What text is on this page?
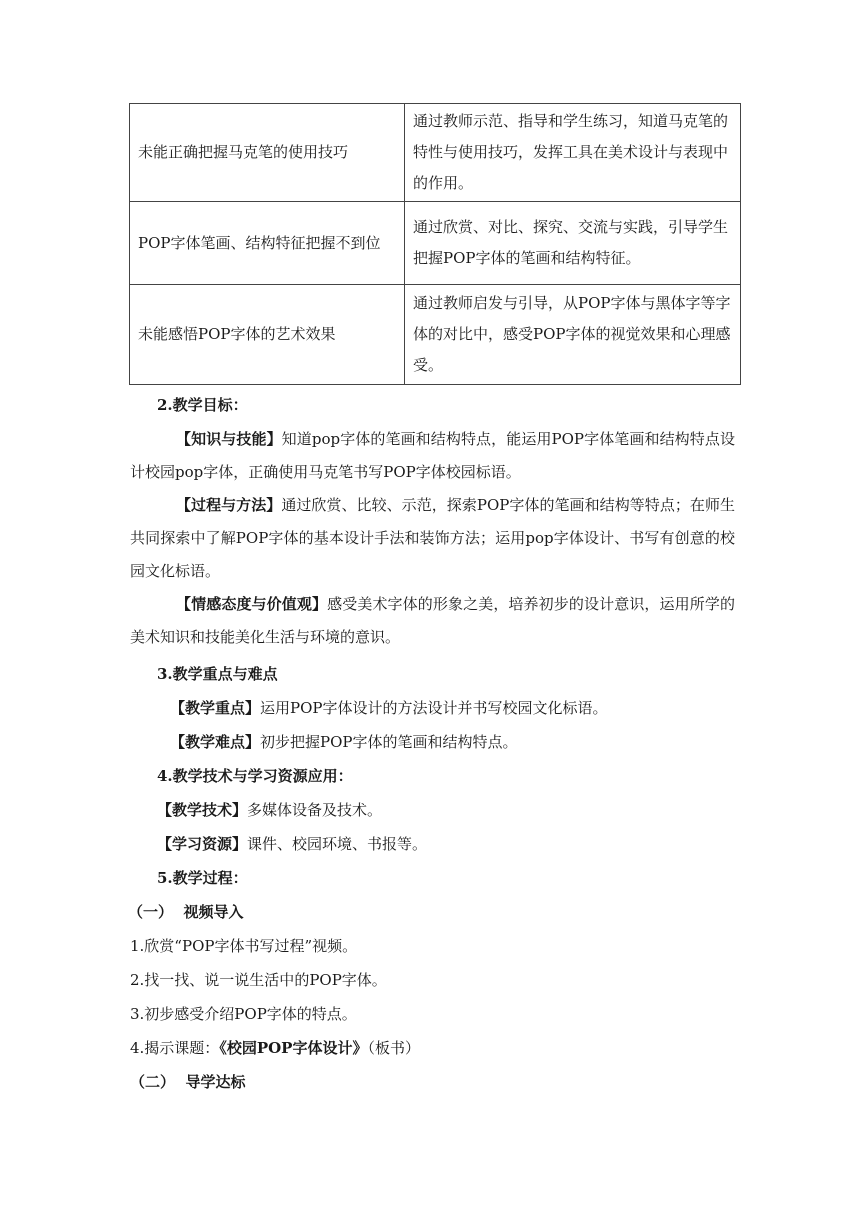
未能正确把握马克笔的使用技巧	通过教师示范、指导和学生练习，知道马克笔的特性与使用技巧，发挥工具在美术设计与表现中的作用。
POP字体笔画、结构特征把握不到位	通过欣赏、对比、探究、交流与实践，引导学生把握POP字体的笔画和结构特征。
未能感悟POP字体的艺术效果	通过教师启发与引导，从POP字体与黑体字等字体的对比中，感受POP字体的视觉效果和心理感受。
2.教学目标：
【知识与技能】知道pop字体的笔画和结构特点，能运用POP字体笔画和结构特点设计校园pop字体，正确使用马克笔书写POP字体校园标语。
【过程与方法】通过欣赏、比较、示范，探索POP字体的笔画和结构等特点；在师生共同探索中了解POP字体的基本设计手法和装饰方法；运用pop字体设计、书写有创意的校园文化标语。
【情感态度与价值观】感受美术字体的形象之美，培养初步的设计意识，运用所学的美术知识和技能美化生活与环境的意识。
3.教学重点与难点
【教学重点】运用POP字体设计的方法设计并书写校园文化标语。
【教学难点】初步把握POP字体的笔画和结构特点。
4.教学技术与学习资源应用：
【教学技术】多媒体设备及技术。
【学习资源】课件、校园环境、书报等。
5.教学过程：
（一）  视频导入
1.欣赏“POP字体书写过程”视频。
2.找一找、说一说生活中的POP字体。
3.初步感受介绍POP字体的特点。
4.揭示课题：《校园POP字体设计》（板书）
（二）  导学达标
